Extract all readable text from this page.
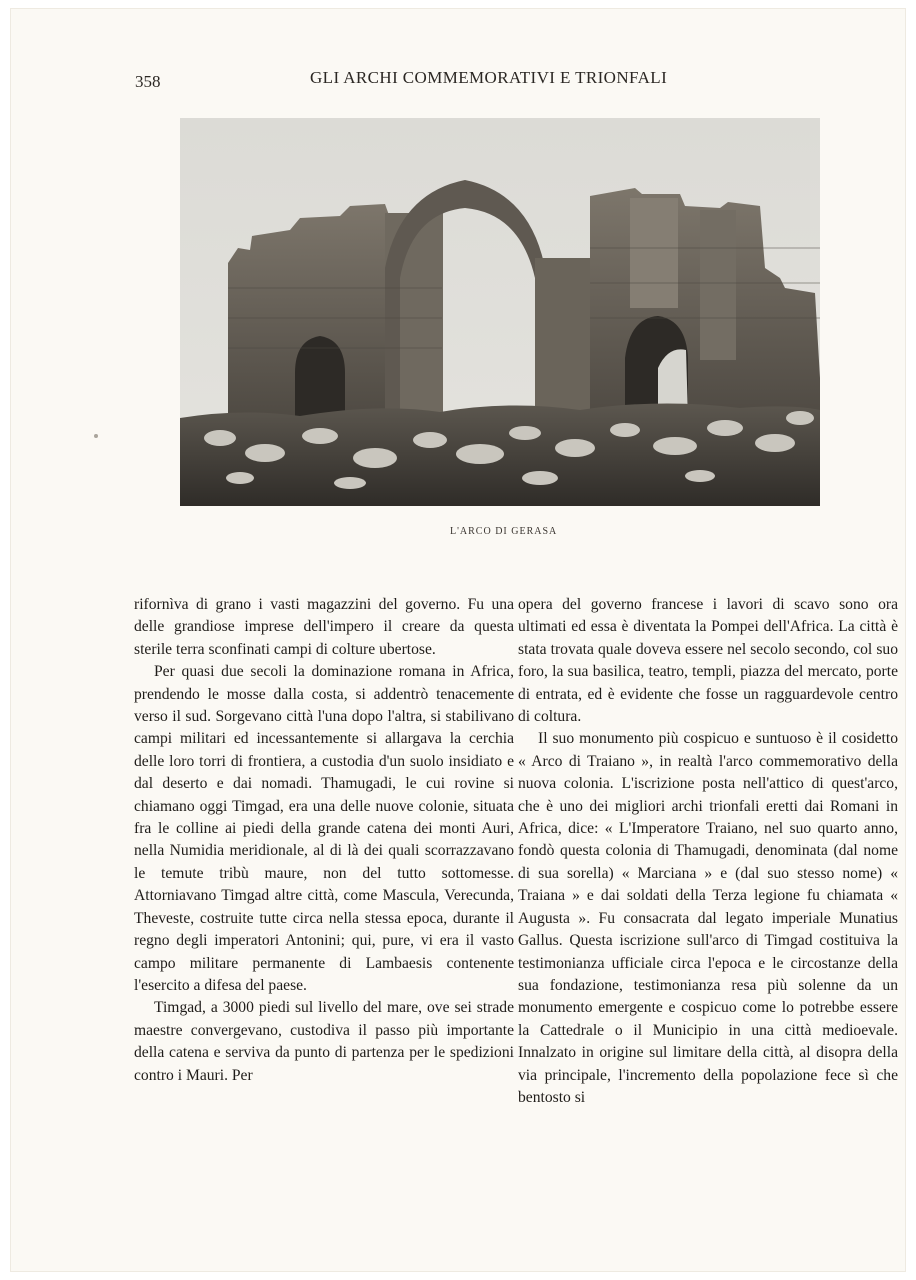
358	GLI ARCHI COMMEMORATIVI E TRIONFALI
L'ARCO DI GERASA

rifornìva di grano i vasti magazzini del governo. Fu una delle grandiose imprese dell'impero il creare da questa sterile terra sconfinati campi di colture ubertose.

Per quasi due secoli la dominazione romana in Africa, prendendo le mosse dalla costa, si addentrò tenacemente verso il sud. Sorgevano città l'una dopo l'altra, si stabilivano campi militari ed incessantemente si allargava la cerchia delle loro torri di frontiera, a custodia d'un suolo insidiato e dal deserto e dai nomadi. Thamugadi, le cui rovine si chiamano oggi Timgad, era una delle nuove colonie, situata fra le colline ai piedi della grande catena dei monti Auri, nella Numidia meridionale, al di là dei quali scorrazzavano le temute tribù maure, non del tutto sottomesse. Attorniavano Timgad altre città, come Mascula, Verecunda, Theveste, costruite tutte circa nella stessa epoca, durante il regno degli imperatori Antonini; qui, pure, vi era il vasto campo militare permanente di Lambaesis contenente l'esercito a difesa del paese.

Timgad, a 3000 piedi sul livello del mare, ove sei strade maestre convergevano, custodiva il passo più importante della catena e serviva da punto di partenza per le spedizioni contro i Mauri. Per

opera del governo francese i lavori di scavo sono ora ultimati ed essa è diventata la Pompei dell'Africa. La città è stata trovata quale doveva essere nel secolo secondo, col suo foro, la sua basilica, teatro, templi, piazza del mercato, porte di entrata, ed è evidente che fosse un ragguardevole centro di coltura.

Il suo monumento più cospicuo e suntuoso è il cosidetto « Arco di Traiano », in realtà l'arco commemorativo della nuova colonia. L'iscrizione posta nell'attico di quest'arco, che è uno dei migliori archi trionfali eretti dai Romani in Africa, dice: « L'Imperatore Traiano, nel suo quarto anno, fondò questa colonia di Thamugadi, denominata (dal nome di sua sorella) « Marciana » e (dal suo stesso nome) « Traiana » e dai soldati della Terza legione fu chiamata « Augusta ». Fu consacrata dal legato imperiale Munatius Gallus. Questa iscrizione sull'arco di Timgad costituiva la testimonianza ufficiale circa l'epoca e le circostanze della sua fondazione, testimonianza resa più solenne da un monumento emergente e cospicuo come lo potrebbe essere la Cattedrale o il Municipio in una città medioevale. Innalzato in origine sul limitare della città, al disopra della via principale, l'incremento della popolazione fece sì che bentosto si
